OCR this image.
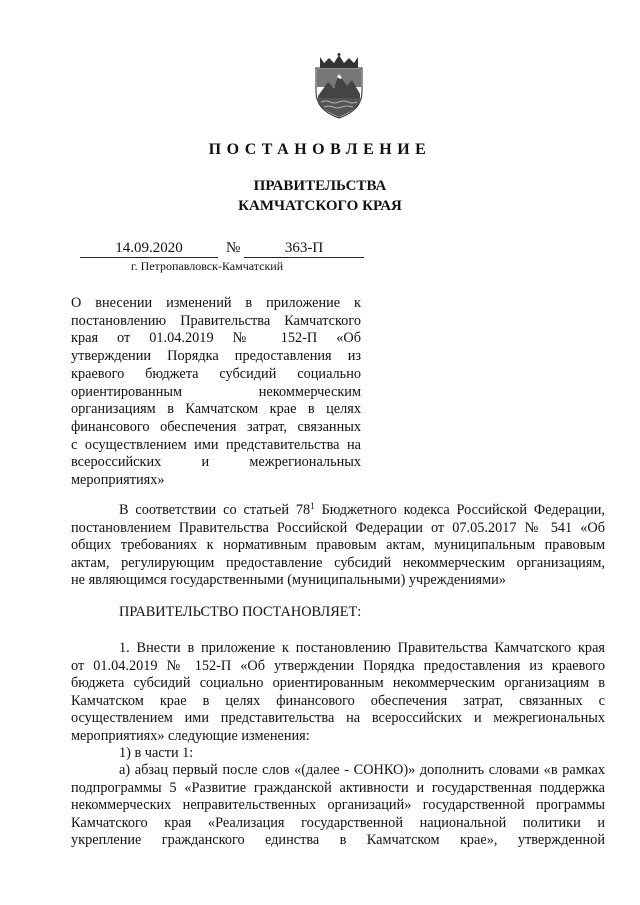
ПОСТАНОВЛЕНИЕ
ПРАВИТЕЛЬСТВА
КАМЧАТСКОГО КРАЯ
14.09.2020	№	363-П
г. Петропавловск-Камчатский
О внесении изменений в приложение к
постановлению Правительства Камчатского
края от 01.04.2019 № 152-П «Об
утверждении Порядка предоставления из
краевого бюджета субсидий социально
ориентированным некоммерческим
организациям в Камчатском крае в целях
финансового обеспечения затрат, связанных
с осуществлением ими представительства на
всероссийских и межрегиональных
мероприятиях»
В соответствии со статьей $78^1$ Бюджетного кодекса Российской Федерации,
постановлением Правительства Российской Федерации от 07.05.2017 № 541 «Об
общих требованиях к нормативным правовым актам, муниципальным правовым
актам, регулирующим предоставление субсидий некоммерческим организациям,
не являющимся государственными (муниципальными) учреждениями»
ПРАВИТЕЛЬСТВО ПОСТАНОВЛЯЕТ:
1. Внести в приложение к постановлению Правительства Камчатского края
от 01.04.2019 № 152-П «Об утверждении Порядка предоставления из краевого
бюджета субсидий социально ориентированным некоммерческим организациям в
Камчатском крае в целях финансового обеспечения затрат, связанных с
осуществлением ими представительства на всероссийских и межрегиональных
мероприятиях» следующие изменения:
1) в части 1:
а) абзац первый после слов «(далее - СОНКО)» дополнить словами «в рамках
подпрограммы 5 «Развитие гражданской активности и государственная поддержка
некоммерческих неправительственных организаций» государственной программы
Камчатского края «Реализация государственной национальной политики и
укрепление гражданского единства в Камчатском крае», утвержденной
